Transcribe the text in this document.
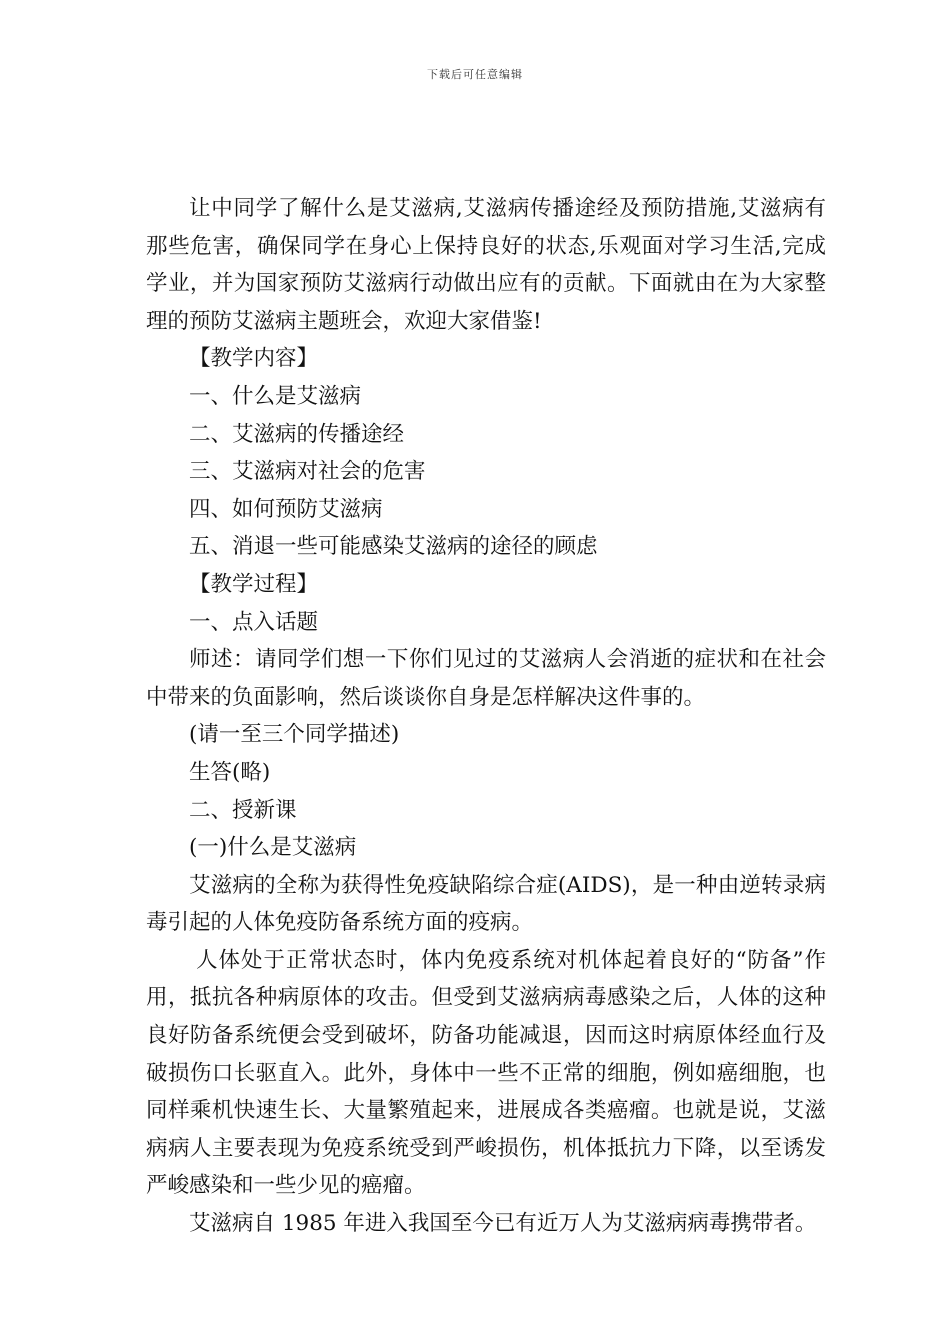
下载后可任意编辑

让中同学了解什么是艾滋病,艾滋病传播途经及预防措施,艾滋病有那些危害，确保同学在身心上保持良好的状态,乐观面对学习生活,完成学业，并为国家预防艾滋病行动做出应有的贡献。下面就由在为大家整理的预防艾滋病主题班会，欢迎大家借鉴!

【教学内容】

一、什么是艾滋病

二、艾滋病的传播途经

三、艾滋病对社会的危害

四、如何预防艾滋病

五、消退一些可能感染艾滋病的途径的顾虑

【教学过程】

一、点入话题

师述：请同学们想一下你们见过的艾滋病人会消逝的症状和在社会中带来的负面影响，然后谈谈你自身是怎样解决这件事的。

(请一至三个同学描述)

生答(略)

二、授新课

(一)什么是艾滋病

艾滋病的全称为获得性免疫缺陷综合症(AIDS)，是一种由逆转录病毒引起的人体免疫防备系统方面的疫病。

人体处于正常状态时，体内免疫系统对机体起着良好的“防备”作用，抵抗各种病原体的攻击。但受到艾滋病病毒感染之后，人体的这种良好防备系统便会受到破坏，防备功能减退，因而这时病原体经血行及破损伤口长驱直入。此外，身体中一些不正常的细胞，例如癌细胞，也同样乘机快速生长、大量繁殖起来，进展成各类癌瘤。也就是说，艾滋病病人主要表现为免疫系统受到严峻损伤，机体抵抗力下降，以至诱发严峻感染和一些少见的癌瘤。

艾滋病自 1985 年进入我国至今已有近万人为艾滋病病毒携带者。
